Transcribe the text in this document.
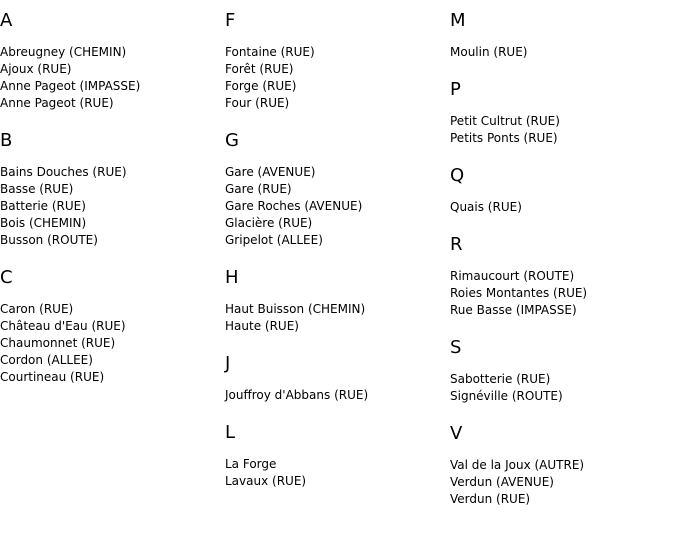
A
Abreugney (CHEMIN)
Ajoux (RUE)
Anne Pageot (IMPASSE)
Anne Pageot (RUE)
B
Bains Douches (RUE)
Basse (RUE)
Batterie (RUE)
Bois (CHEMIN)
Busson (ROUTE)
C
Caron (RUE)
Château d'Eau (RUE)
Chaumonnet (RUE)
Cordon (ALLEE)
Courtineau (RUE)
F
Fontaine (RUE)
Forêt (RUE)
Forge (RUE)
Four (RUE)
G
Gare (AVENUE)
Gare (RUE)
Gare Roches (AVENUE)
Glacière (RUE)
Gripelot (ALLEE)
H
Haut Buisson (CHEMIN)
Haute (RUE)
J
Jouffroy d'Abbans (RUE)
L
La Forge
Lavaux (RUE)
M
Moulin (RUE)
P
Petit Cultrut (RUE)
Petits Ponts (RUE)
Q
Quais (RUE)
R
Rimaucourt (ROUTE)
Roies Montantes (RUE)
Rue Basse (IMPASSE)
S
Sabotterie (RUE)
Signéville (ROUTE)
V
Val de la Joux (AUTRE)
Verdun (AVENUE)
Verdun (RUE)
